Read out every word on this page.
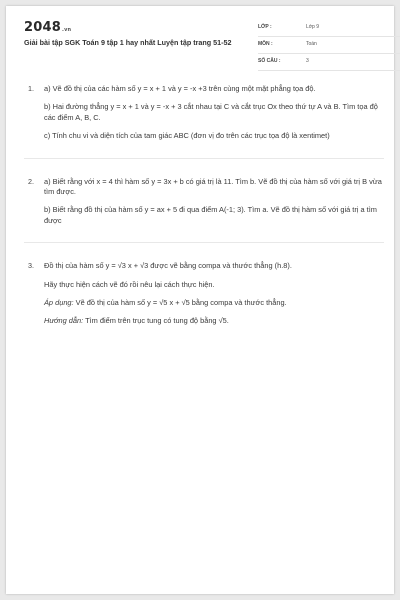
2048.vn
Giải bài tập SGK Toán 9 tập 1 hay nhất Luyện tập trang 51-52
LỚP :	Lớp 9
MÔN :	Toán
SỐ CÂU :	3
1. a) Vẽ đồ thị của các hàm số y = x + 1 và y = -x +3 trên cùng một mặt phẳng tọa độ.

b) Hai đường thẳng y = x + 1 và y = -x + 3 cắt nhau tại C và cắt trục Ox theo thứ tự A và B. Tìm tọa độ các điểm A, B, C.

c) Tính chu vi và diện tích của tam giác ABC (đơn vị đo trên các trục tọa độ là xentimet)

2. a) Biết rằng với x = 4 thì hàm số y = 3x + b có giá trị là 11. Tìm b. Vẽ đồ thị của hàm số với giá trị B vừa tìm được.

b) Biết rằng đồ thị của hàm số y = ax + 5 đi qua điểm A(-1; 3). Tìm a. Vẽ đồ thị hàm số với giá trị a tìm được

3. Đồ thị của hàm số y = √3 x + √3 được vẽ bằng compa và thước thẳng (h.8).

Hãy thực hiện cách vẽ đó rồi nêu lại cách thực hiện.

Áp dụng: Vẽ đồ thị của hàm số y = √5 x + √5 bằng compa và thước thẳng.

Hướng dẫn: Tìm điểm trên trục tung có tung độ bằng √5.
